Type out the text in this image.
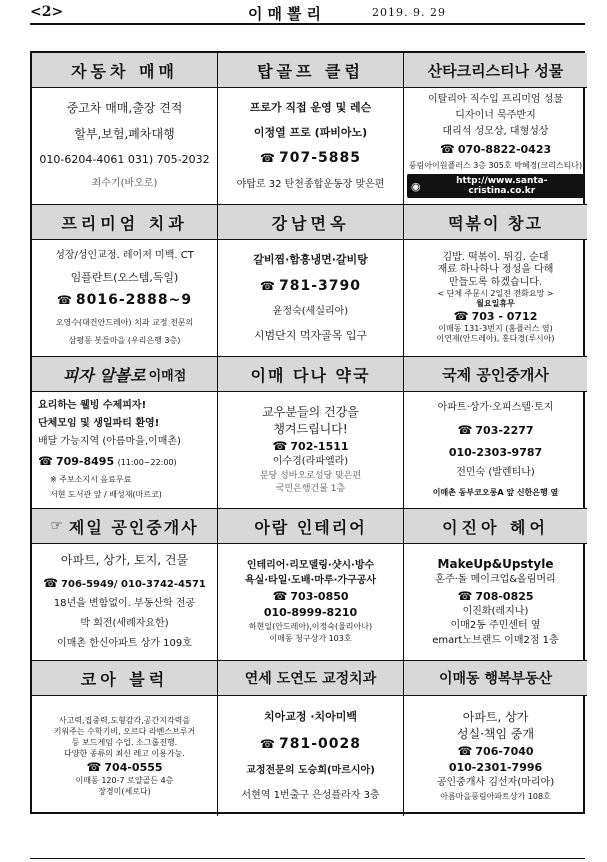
<2>	이매뽈리	2019. 9. 29
자동차 매매
중고차 매매,출장 견적
할부,보험,폐차대행
010-6204-4061 031) 705-2032
최수기(바오로)
탑골프 클럽
프로가 직접 운영 및 레슨
이정열 프로 (파비아노)
☎ 707-5885
야탑로 32 탄천종합운동장 맞은편
산타크리스티나 성물
이탈리아 직수입 프리미엄 성물
디자이너 묵주반지
대리석 성모상, 대형성상
☎ 070-8822-0423
풍림아이원플러스 3층 305호 박혜경(크리스티나)
◉	http://www.santa-cristina.co.kr
프리미엄 치과
성장/성인교정. 레이저 미백. CT
임플란트(오스템,독일)
☎ 8016-2888~9
오영수(대건안드레아) 치과 교정 전문의
삼평동 봇들마을 (우리은행 3층)
강남면옥
갈비찜·함흥냉면·갈비탕
☎ 781-3790
윤정숙(세실리아)
시범단지 먹자골목 입구
떡볶이 창고
김밥. 떡볶이. 튀김. 순대
재료 하나하나 정성을 다해
만들도록 하겠습니다.
< 단체 주문시 2일전 전화요망 >
월요일휴무
☎ 703 - 0712
이매동 131-3번지 (홈플러스 옆)
이연재(안드레아), 홍다경(루시아)
피자 알볼로 이매점
요리하는 웰빙 수제피자!
단체모임 및 생일파티 환영!
배달 가능지역 (아름마을,이매촌)
☎ 709-8495 (11:00~22:00)
※ 주보소지시 음료무료
서현 도서관 앞 / 배성재(마르코)
이매 다나 약국
교우분들의 건강을
챙겨드립니다!
☎ 702-1511
이수경(라파엘라)
분당 성바오로성당 맞은편
국민은행건물 1층
국제 공인중개사
아파트·상가·오피스텔·토지
☎ 703-2277
010-2303-9787
전민숙 (발렌티나)
이매촌 동부코오롱A 앞 신한은행 옆
☞ 제일 공인중개사
아파트, 상가, 토지, 건물
☎ 706-5949/ 010-3742-4571
18년을 변함없이. 부동산학 전공
박 회전(세례자요한)
이매촌 한신아파트 상가 109호
아람 인테리어
인테리어·리모델링·샷시·방수
욕실·타일·도배·마루·가구공사
☎ 703-0850
010-8999-8210
하현일(안드레아),이정숙(율리아나)
이매동 청구상가 103호
이진아 헤어
MakeUp&Upstyle
혼주·돌 메이크업&올림머리
☎ 708-0825
이진화(레지나)
이매2동 주민센터 옆
emart노브랜드 이매2점 1층
코아 블럭
사고력,집중력,도형감각,공간지각력을
키워주는 수학기비, 오르다 라벤스브루거
등 보드게임 수업. 소그룹진행.
다양한 종류의 최신 레고 이용가능.
☎ 704-0555
이매동 120-7 로얄골든 4층
장경미(세로다)
연세 도연도 교정치과
치아교정 ·치아미백
☎ 781-0028
교정전문의 도승희(마르시아)
서현역 1번출구 은성플라자 3층
이매동 행복부동산
아파트, 상가
성실·책임 중개
☎ 706-7040
010-2301-7996
공인중개사 김선자(마리아)
아름마을풍림아파트상가 108호
